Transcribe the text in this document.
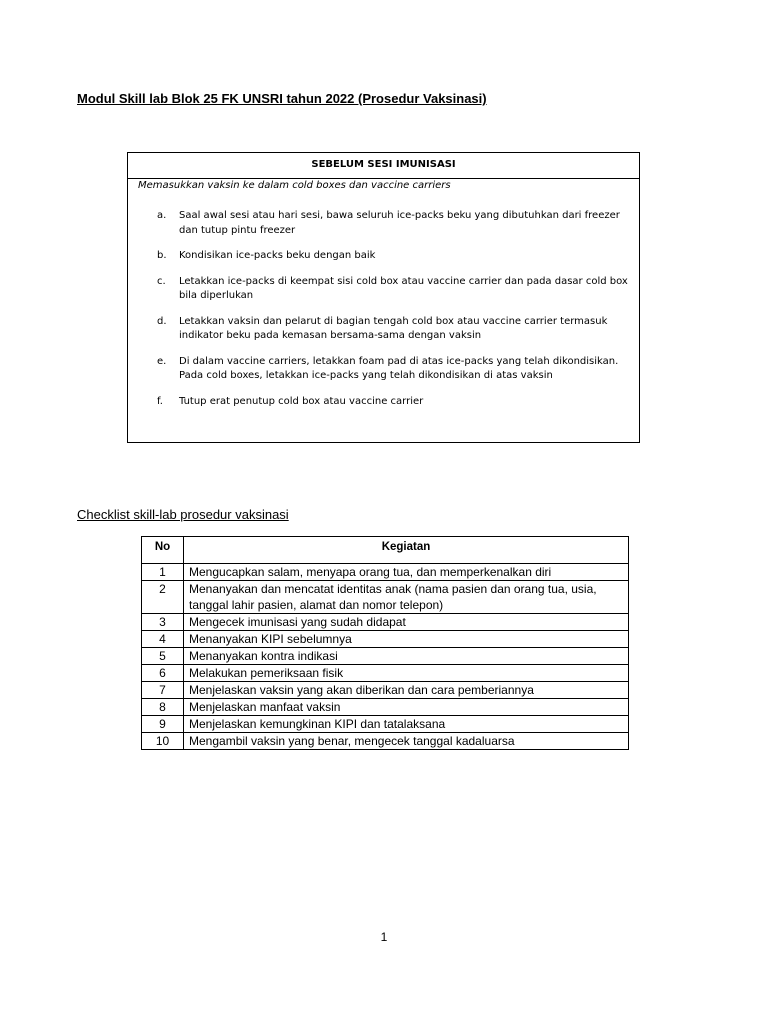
Modul Skill lab Blok 25 FK UNSRI tahun 2022 (Prosedur Vaksinasi)
SEBELUM SESI IMUNISASI
Memasukkan vaksin ke dalam cold boxes dan vaccine carriers
a.	Saal awal sesi atau hari sesi, bawa seluruh ice-packs beku yang dibutuhkan dari freezer dan tutup pintu freezer
b.	Kondisikan ice-packs beku dengan baik
c.	Letakkan ice-packs di keempat sisi cold box atau vaccine carrier dan pada dasar cold box bila diperlukan
d.	Letakkan vaksin dan pelarut di bagian tengah cold box atau vaccine carrier termasuk indikator beku pada kemasan bersama-sama dengan vaksin
e.	Di dalam vaccine carriers, letakkan foam pad di atas ice-packs yang telah dikondisikan. Pada cold boxes, letakkan ice-packs yang telah dikondisikan di atas vaksin
f.	Tutup erat penutup cold box atau vaccine carrier
Checklist skill-lab prosedur vaksinasi
No	Kegiatan
1	Mengucapkan salam, menyapa orang tua, dan memperkenalkan diri
2	Menanyakan dan mencatat identitas anak (nama pasien dan orang tua, usia, tanggal lahir pasien, alamat dan nomor telepon)
3	Mengecek imunisasi yang sudah didapat
4	Menanyakan KIPI sebelumnya
5	Menanyakan kontra indikasi
6	Melakukan pemeriksaan fisik
7	Menjelaskan vaksin yang akan diberikan dan cara pemberiannya
8	Menjelaskan manfaat vaksin
9	Menjelaskan kemungkinan KIPI dan tatalaksana
10	Mengambil vaksin yang benar, mengecek tanggal kadaluarsa
1
